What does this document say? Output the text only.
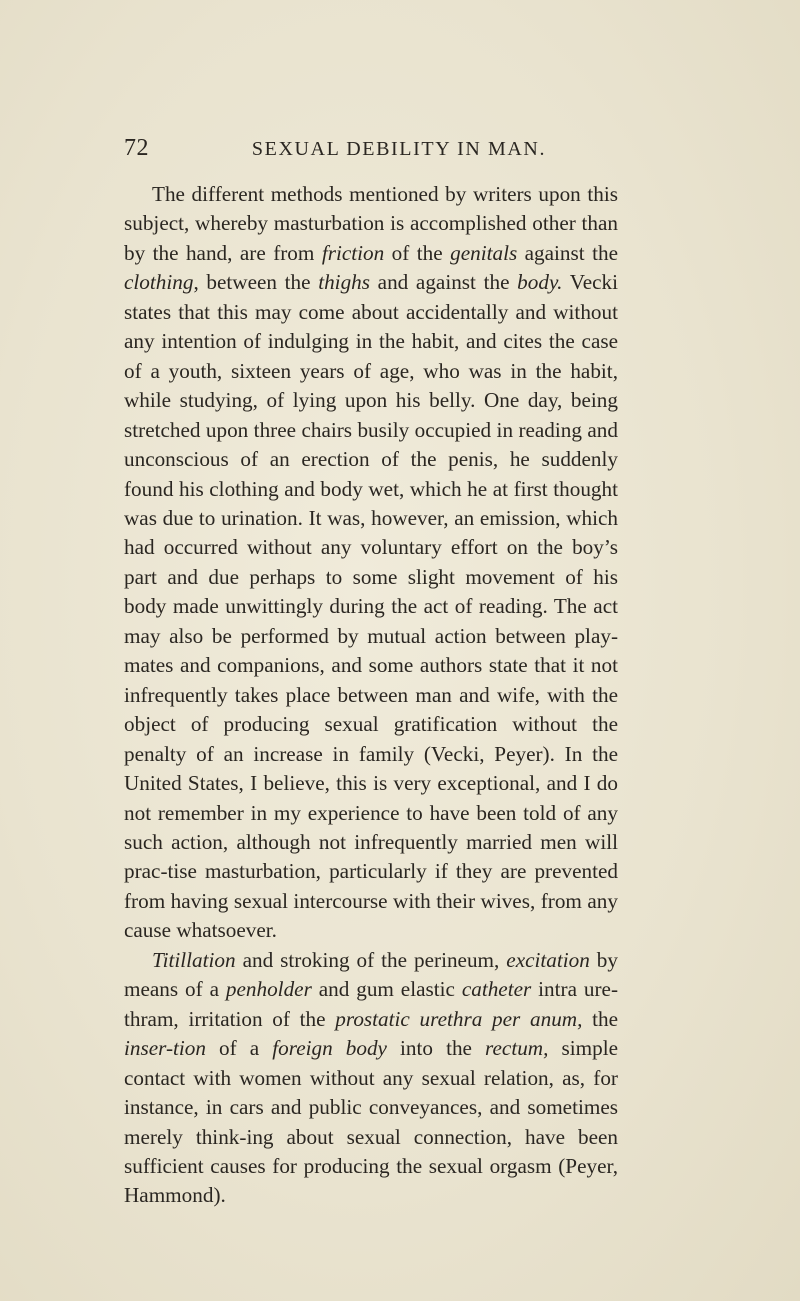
72	SEXUAL DEBILITY IN MAN.

The different methods mentioned by writers upon this subject, whereby masturbation is accomplished other than by the hand, are from friction of the genitals against the clothing, between the thighs and against the body. Vecki states that this may come about accidentally and without any intention of indulging in the habit, and cites the case of a youth, sixteen years of age, who was in the habit, while studying, of lying upon his belly. One day, being stretched upon three chairs busily occupied in reading and unconscious of an erection of the penis, he suddenly found his clothing and body wet, which he at first thought was due to urination. It was, however, an emission, which had occurred without any voluntary effort on the boy’s part and due perhaps to some slight movement of his body made unwittingly during the act of reading. The act may also be performed by mutual action between play-mates and companions, and some authors state that it not infrequently takes place between man and wife, with the object of producing sexual gratification without the penalty of an increase in family (Vecki, Peyer). In the United States, I believe, this is very exceptional, and I do not remember in my experience to have been told of any such action, although not infrequently married men will prac-tise masturbation, particularly if they are prevented from having sexual intercourse with their wives, from any cause whatsoever.

Titillation and stroking of the perineum, excitation by means of a penholder and gum elastic catheter intra ure-thram, irritation of the prostatic urethra per anum, the inser-tion of a foreign body into the rectum, simple contact with women without any sexual relation, as, for instance, in cars and public conveyances, and sometimes merely think-ing about sexual connection, have been sufficient causes for producing the sexual orgasm (Peyer, Hammond).
